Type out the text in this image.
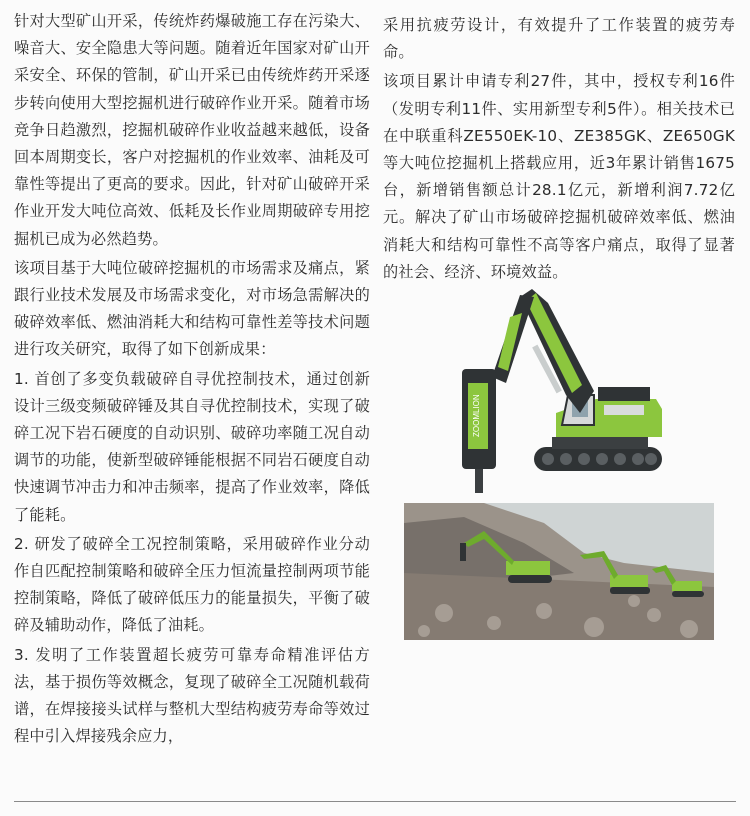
针对大型矿山开采，传统炸药爆破施工存在污染大、噪音大、安全隐患大等问题。随着近年国家对矿山开采安全、环保的管制，矿山开采已由传统炸药开采逐步转向使用大型挖掘机进行破碎作业开采。随着市场竞争日趋激烈，挖掘机破碎作业收益越来越低，设备回本周期变长，客户对挖掘机的作业效率、油耗及可靠性等提出了更高的要求。因此，针对矿山破碎开采作业开发大吨位高效、低耗及长作业周期破碎专用挖掘机已成为必然趋势。

该项目基于大吨位破碎挖掘机的市场需求及痛点，紧跟行业技术发展及市场需求变化，对市场急需解决的破碎效率低、燃油消耗大和结构可靠性差等技术问题进行攻关研究，取得了如下创新成果：

1. 首创了多变负载破碎自寻优控制技术，通过创新设计三级变频破碎锤及其自寻优控制技术，实现了破碎工况下岩石硬度的自动识别、破碎功率随工况自动调节的功能，使新型破碎锤能根据不同岩石硬度自动快速调节冲击力和冲击频率，提高了作业效率，降低了能耗。

2. 研发了破碎全工况控制策略，采用破碎作业分动作自匹配控制策略和破碎全压力恒流量控制两项节能控制策略，降低了破碎低压力的能量损失，平衡了破碎及辅助动作，降低了油耗。

3. 发明了工作装置超长疲劳可靠寿命精准评估方法，基于损伤等效概念，复现了破碎全工况随机载荷谱，在焊接接头试样与整机大型结构疲劳寿命等效过程中引入焊接残余应力，

采用抗疲劳设计，有效提升了工作装置的疲劳寿命。

该项目累计申请专利27件，其中，授权专利16件（发明专利11件、实用新型专利5件）。相关技术已在中联重科ZE550EK-10、ZE385GK、ZE650GK等大吨位挖掘机上搭载应用，近3年累计销售1675台，新增销售额总计28.1亿元，新增利润7.72亿元。解决了矿山市场破碎挖掘机破碎效率低、燃油消耗大和结构可靠性不高等客户痛点，取得了显著的社会、经济、环境效益。

ZOOMLION
